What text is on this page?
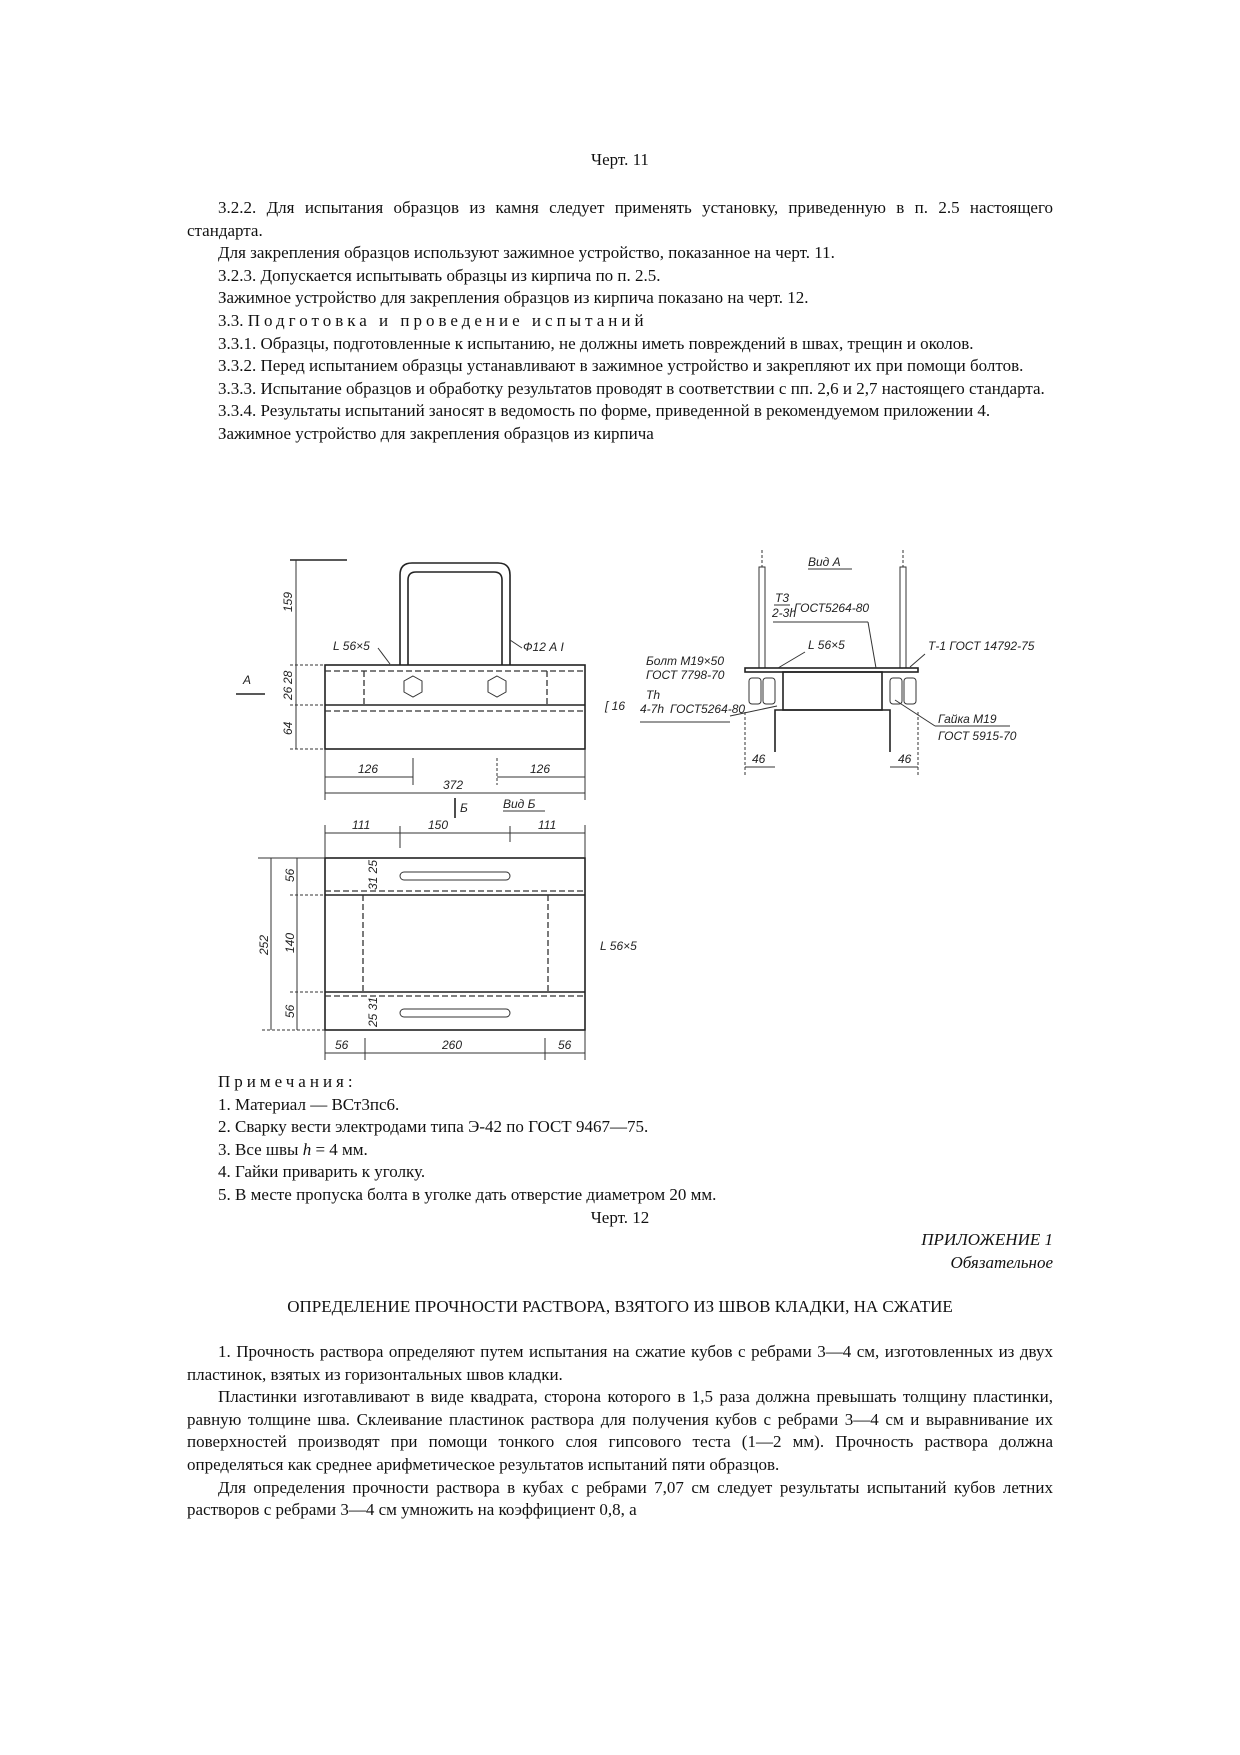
Черт. 11

3.2.2. Для испытания образцов из камня следует применять установку, приведенную в п. 2.5 настоящего стандарта.

Для закрепления образцов используют зажимное устройство, показанное на черт. 11.

3.2.3. Допускается испытывать образцы из кирпича по п. 2.5.

Зажимное устройство для закрепления образцов из кирпича показано на черт. 12.

3.3. Подготовка и проведение испытаний

3.3.1. Образцы, подготовленные к испытанию, не должны иметь повреждений в швах, трещин и околов.

3.3.2. Перед испытанием образцы устанавливают в зажимное устройство и закрепляют их при помощи болтов.

3.3.3. Испытание образцов и обработку результатов проводят в соответствии с пп. 2,6 и 2,7 настоящего стандарта.

3.3.4. Результаты испытаний заносят в ведомость по форме, приведенной в рекомендуемом приложении 4.

Зажимное устройство для закрепления образцов из кирпича

159
28
26
64
L 56×5	Ф12 А I
А
[ 16
126	126
372
Б	Вид Б
111	150	111
252
56
140
56
31 25
25 31
L 56×5
56	260	56
Вид А
Т3
2-3h
ГОСТ5264-80
L 56×5	Т-1 ГОСТ 14792-75
Болт М19×50
ГОСТ 7798-70
Тh
4-7h ГОСТ5264-80
Гайка М19
ГОСТ 5915-70
46	46
Примечания:
1. Материал — ВСт3пс6.
2. Сварку вести электродами типа Э-42 по ГОСТ 9467—75.
3. Все швы h = 4 мм.
4. Гайки приварить к уголку.
5. В месте пропуска болта в уголке дать отверстие диаметром 20 мм.
Черт. 12
ПРИЛОЖЕНИЕ 1
Обязательное
ОПРЕДЕЛЕНИЕ ПРОЧНОСТИ РАСТВОРА, ВЗЯТОГО ИЗ ШВОВ КЛАДКИ, НА СЖАТИЕ

1. Прочность раствора определяют путем испытания на сжатие кубов с ребрами 3—4 см, изготовленных из двух пластинок, взятых из горизонтальных швов кладки.

Пластинки изготавливают в виде квадрата, сторона которого в 1,5 раза должна превышать толщину пластинки, равную толщине шва. Склеивание пластинок раствора для получения кубов с ребрами 3—4 см и выравнивание их поверхностей производят при помощи тонкого слоя гипсового теста (1—2 мм). Прочность раствора должна определяться как среднее арифметическое результатов испытаний пяти образцов.

Для определения прочности раствора в кубах с ребрами 7,07 см следует результаты испытаний кубов летних растворов с ребрами 3—4 см умножить на коэффициент 0,8, а
